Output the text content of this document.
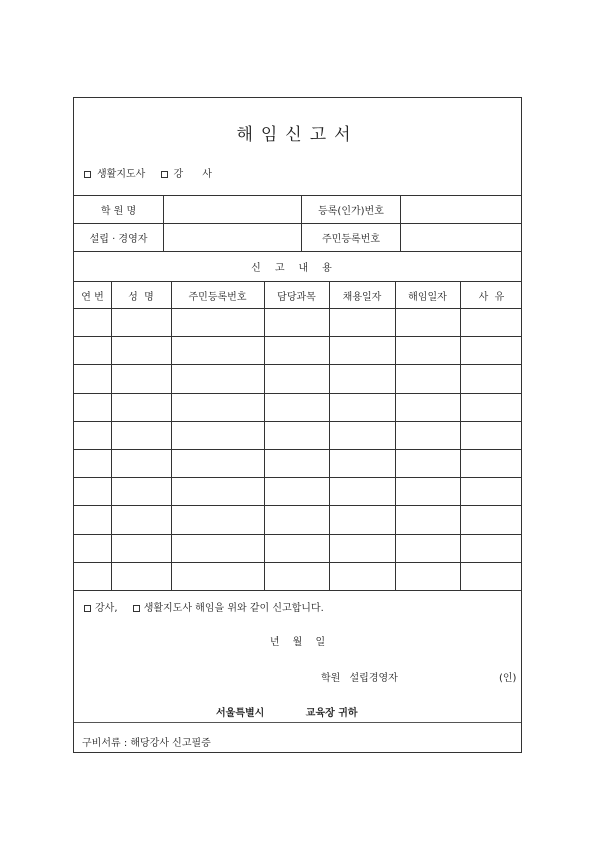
해임신고서
생활지도사	강      사
학 원 명	등록(인가)번호
설립 · 경영자	주민등록번호
신고내용
연 번	성  명	주민등록번호	담당과목	채용일자	해임일자	사  유
강사,	생활지도사 해임을 위와 같이 신고합니다.
년 월 일
학원 설립경영자	(인)
서울특별시	교육장 귀하
구비서류 : 해당강사 신고필증
